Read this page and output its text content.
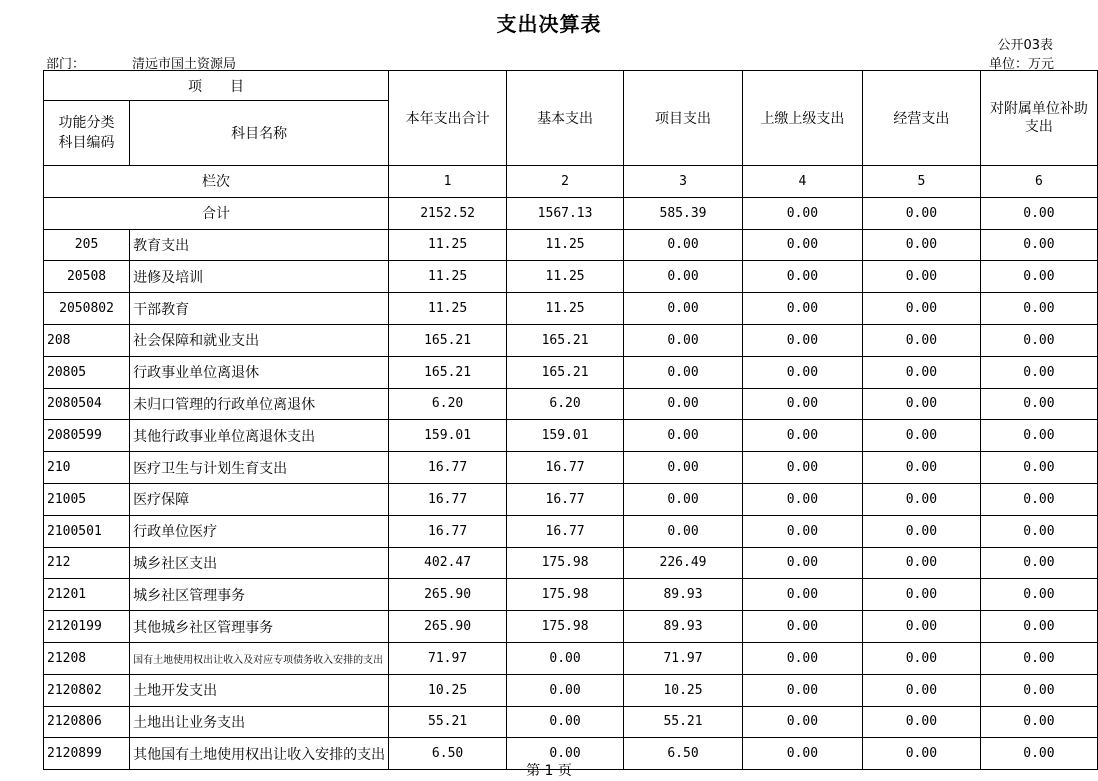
支出决算表
部门：	清远市国土资源局
公开03表
单位：万元
项　　目		本年支出合计	基本支出	项目支出	上缴上级支出	经营支出	对附属单位补助
支出
功能分类
科目编码	科目名称						
栏次		1	2	3	4	5	6
合计		2152.52	1567.13	585.39	0.00	0.00	0.00
205	教育支出	11.25	11.25	0.00	0.00	0.00	0.00
20508	进修及培训	11.25	11.25	0.00	0.00	0.00	0.00
2050802	干部教育	11.25	11.25	0.00	0.00	0.00	0.00
208	社会保障和就业支出	165.21	165.21	0.00	0.00	0.00	0.00
20805	行政事业单位离退休	165.21	165.21	0.00	0.00	0.00	0.00
2080504	未归口管理的行政单位离退休	6.20	6.20	0.00	0.00	0.00	0.00
2080599	其他行政事业单位离退休支出	159.01	159.01	0.00	0.00	0.00	0.00
210	医疗卫生与计划生育支出	16.77	16.77	0.00	0.00	0.00	0.00
21005	医疗保障	16.77	16.77	0.00	0.00	0.00	0.00
2100501	行政单位医疗	16.77	16.77	0.00	0.00	0.00	0.00
212	城乡社区支出	402.47	175.98	226.49	0.00	0.00	0.00
21201	城乡社区管理事务	265.90	175.98	89.93	0.00	0.00	0.00
2120199	其他城乡社区管理事务	265.90	175.98	89.93	0.00	0.00	0.00
21208	国有土地使用权出让收入及对应专项债务收入安排的支出	71.97	0.00	71.97	0.00	0.00	0.00
2120802	土地开发支出	10.25	0.00	10.25	0.00	0.00	0.00
2120806	土地出让业务支出	55.21	0.00	55.21	0.00	0.00	0.00
2120899	其他国有土地使用权出让收入安排的支出	6.50	0.00	6.50	0.00	0.00	0.00
第 1 页
